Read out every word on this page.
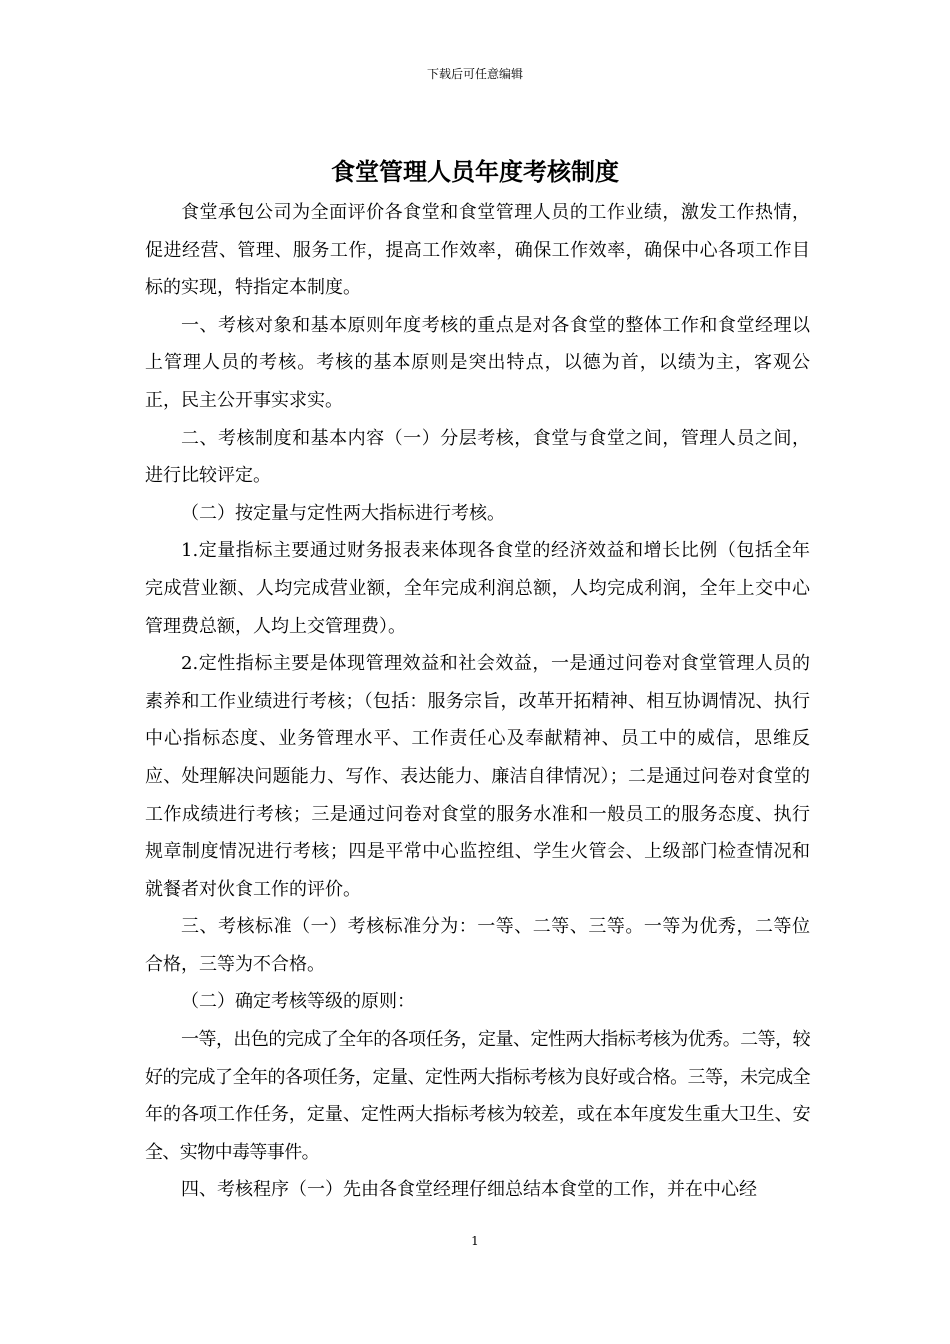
下载后可任意编辑
食堂管理人员年度考核制度

食堂承包公司为全面评价各食堂和食堂管理人员的工作业绩，激发工作热情，促进经营、管理、服务工作，提高工作效率，确保工作效率，确保中心各项工作目标的实现，特指定本制度。

一、考核对象和基本原则年度考核的重点是对各食堂的整体工作和食堂经理以上管理人员的考核。考核的基本原则是突出特点，以德为首，以绩为主，客观公正，民主公开事实求实。

二、考核制度和基本内容（一）分层考核，食堂与食堂之间，管理人员之间，进行比较评定。

（二）按定量与定性两大指标进行考核。

1.定量指标主要通过财务报表来体现各食堂的经济效益和增长比例（包括全年完成营业额、人均完成营业额，全年完成利润总额，人均完成利润，全年上交中心管理费总额，人均上交管理费）。

2.定性指标主要是体现管理效益和社会效益，一是通过问卷对食堂管理人员的素养和工作业绩进行考核；（包括：服务宗旨，改革开拓精神、相互协调情况、执行中心指标态度、业务管理水平、工作责任心及奉献精神、员工中的威信，思维反应、处理解决问题能力、写作、表达能力、廉洁自律情况）；二是通过问卷对食堂的工作成绩进行考核；三是通过问卷对食堂的服务水准和一般员工的服务态度、执行规章制度情况进行考核；四是平常中心监控组、学生火管会、上级部门检查情况和就餐者对伙食工作的评价。

三、考核标准（一）考核标准分为：一等、二等、三等。一等为优秀，二等位合格，三等为不合格。

（二）确定考核等级的原则：

一等，出色的完成了全年的各项任务，定量、定性两大指标考核为优秀。二等，较好的完成了全年的各项任务，定量、定性两大指标考核为良好或合格。三等，未完成全年的各项工作任务，定量、定性两大指标考核为较差，或在本年度发生重大卫生、安全、实物中毒等事件。

四、考核程序（一）先由各食堂经理仔细总结本食堂的工作，并在中心经

1
